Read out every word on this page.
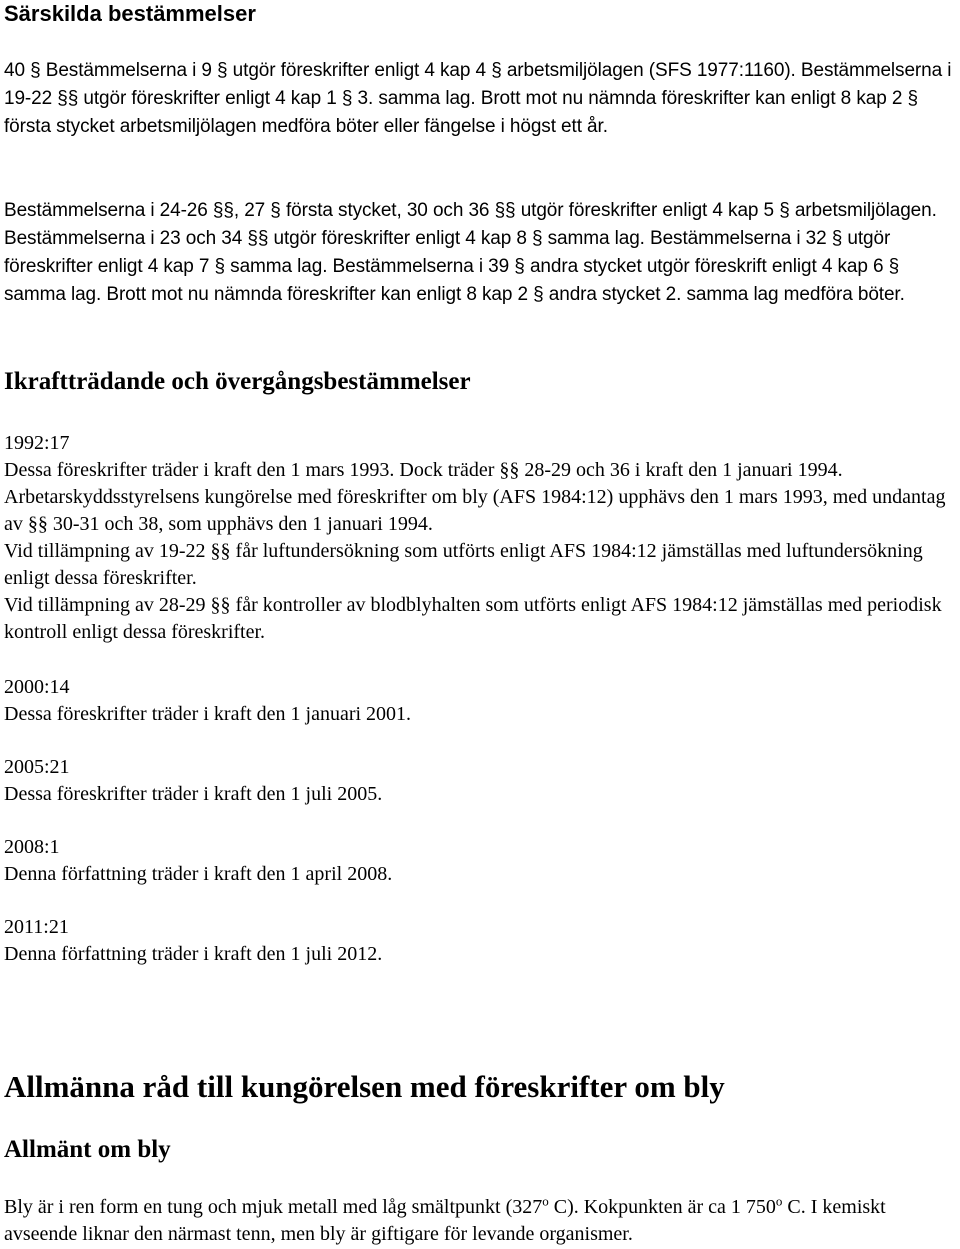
Särskilda bestämmelser

40 § Bestämmelserna i 9 § utgör föreskrifter enligt 4 kap 4 § arbetsmiljölagen (SFS 1977:1160). Bestämmelserna i 19-22 §§ utgör föreskrifter enligt 4 kap 1 § 3. samma lag. Brott mot nu nämnda föreskrifter kan enligt 8 kap 2 § första stycket arbetsmiljölagen medföra böter eller fängelse i högst ett år.

Bestämmelserna i 24-26 §§, 27 § första stycket, 30 och 36 §§ utgör föreskrifter enligt 4 kap 5 § arbetsmiljölagen. Bestämmelserna i 23 och 34 §§ utgör föreskrifter enligt 4 kap 8 § samma lag. Bestämmelserna i 32 § utgör föreskrifter enligt 4 kap 7 § samma lag. Bestämmelserna i 39 § andra stycket utgör föreskrift enligt 4 kap 6 § samma lag. Brott mot nu nämnda föreskrifter kan enligt 8 kap 2 § andra stycket 2. samma lag medföra böter.

Ikraftträdande och övergångsbestämmelser
1992:17
Dessa föreskrifter träder i kraft den 1 mars 1993. Dock träder §§ 28-29 och 36 i kraft den 1 januari 1994. Arbetarskyddsstyrelsens kungörelse med föreskrifter om bly (AFS 1984:12) upphävs den 1 mars 1993, med undantag av §§ 30-31 och 38, som upphävs den 1 januari 1994.
Vid tillämpning av 19-22 §§ får luftundersökning som utförts enligt AFS 1984:12 jämställas med luftundersökning enligt dessa föreskrifter.
Vid tillämpning av 28-29 §§ får kontroller av blodblyhalten som utförts enligt AFS 1984:12 jämställas med periodisk kontroll enligt dessa föreskrifter.
2000:14
Dessa föreskrifter träder i kraft den 1 januari 2001.
2005:21
Dessa föreskrifter träder i kraft den 1 juli 2005.
2008:1
Denna författning träder i kraft den 1 april 2008.
2011:21
Denna författning träder i kraft den 1 juli 2012.
Allmänna råd till kungörelsen med föreskrifter om bly
Allmänt om bly

Bly är i ren form en tung och mjuk metall med låg smältpunkt (327$^o$ C). Kokpunkten är ca 1 750$^o$ C. I kemiskt avseende liknar den närmast tenn, men bly är giftigare för levande organismer.
